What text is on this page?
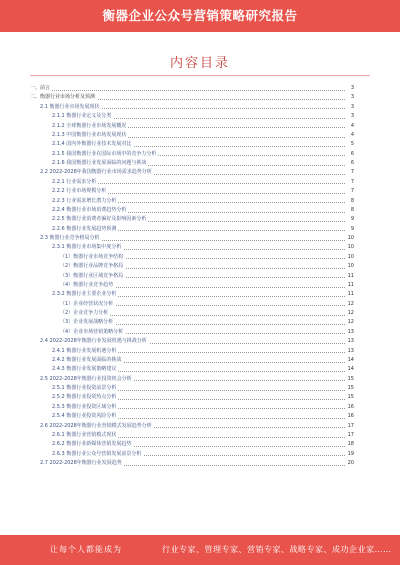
衡器企业公众号营销策略研究报告
内容目录
一、前言	3
二、衡器行业市场分析及预测	3
2.1 衡器行业市场发展现状	3
2.1.1 衡器行业定义及分类	3
2.1.2 全球衡器行业市场发展概况	4
2.1.3 中国衡器行业市场发展现状	4
2.1.4 国内外衡器行业技术发展对比	5
2.1.5 我国衡器行业在国际市场中的竞争力分析	6
2.1.6 我国衡器行业发展面临的问题与挑战	6
2.2 2022-2028年我国衡器行业市场需求趋势分析	7
2.2.1 行业需求分析	7
2.2.2 行业市场规模分析	7
2.2.3 行业需求增长潜力分析	8
2.2.4 衡器行业市场消费趋势分析	8
2.2.5 衡器行业消费者偏好及影响因素分析	9
2.2.6 衡器行业发展趋势预测	9
2.3 衡器行业竞争格局分析	10
2.3.1 衡器行业市场集中度分析	10
（1）衡器行业市场竞争结构	10
（2）衡器行业品牌竞争格局	10
（3）衡器行业区域竞争格局	11
（4）衡器行业竞争趋势	11
2.3.2 衡器行业主要企业分析	11
（1）企业经营状况分析	12
（2）企业竞争力分析	12
（3）企业发展战略分析	12
（4）企业市场营销策略分析	13
2.4 2022-2028年衡器行业发展机遇与挑战分析	13
2.4.1 衡器行业发展机遇分析	13
2.4.2 衡器行业发展面临的挑战	14
2.4.3 衡器行业发展策略建议	14
2.5 2022-2028年衡器行业投资机会分析	15
2.5.1 衡器行业投资前景分析	15
2.5.2 衡器行业投资热点分析	15
2.5.3 衡器行业投资区域分析	16
2.5.4 衡器行业投资风险分析	16
2.6 2022-2028年衡器行业营销模式发展趋势分析	17
2.6.1 衡器行业营销模式现状	17
2.6.2 衡器行业新媒体营销发展趋势	18
2.6.3 衡器行业公众号营销发展前景分析	19
2.7 2022-2028年衡器行业发展趋势	20
让每个人都能成为	行业专家、管理专家、营销专家、战略专家、成功企业家……
